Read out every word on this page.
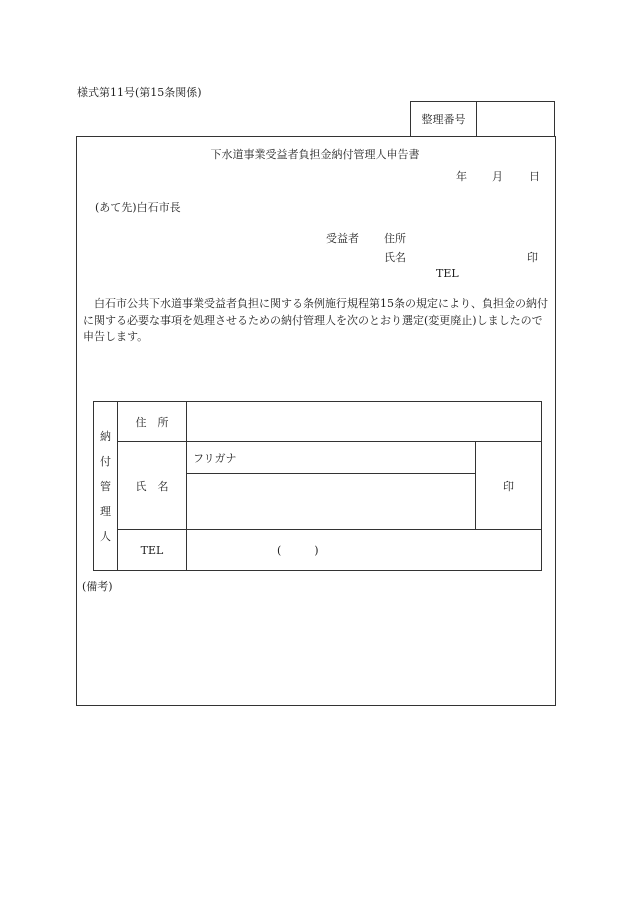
様式第11号(第15条関係)
整理番号
下水道事業受益者負担金納付管理人申告書
年 月 日
(あて先)白石市長
受益者 住所
氏名	印
TEL
白石市公共下水道事業受益者負担に関する条例施行規程第15条の規定により、負担金の納付に関する必要な事項を処理させるための納付管理人を次のとおり選定(変更廃止)しましたので申告します。
納
付
管
理
人	住　所		
	氏　名	フリガナ	印

	TEL	(　　　)	
(備考)
